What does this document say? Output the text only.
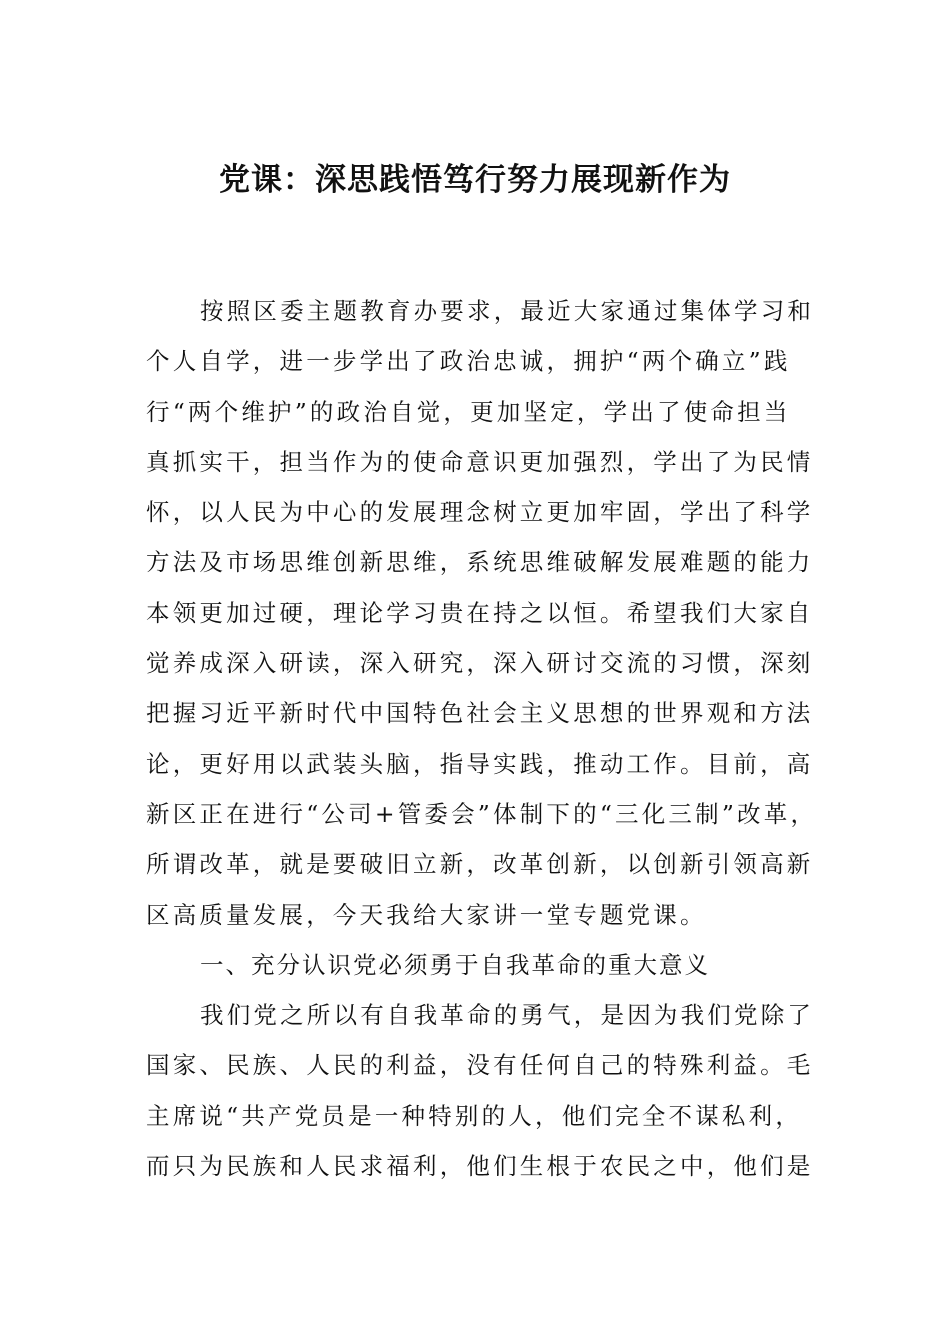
党课：深思践悟笃行努力展现新作为
按照区委主题教育办要求，最近大家通过集体学习和
个人自学，进一步学出了政治忠诚，拥护“两个确立”践
行“两个维护”的政治自觉，更加坚定，学出了使命担当
真抓实干，担当作为的使命意识更加强烈，学出了为民情
怀，以人民为中心的发展理念树立更加牢固，学出了科学
方法及市场思维创新思维，系统思维破解发展难题的能力
本领更加过硬，理论学习贵在持之以恒。希望我们大家自
觉养成深入研读，深入研究，深入研讨交流的习惯，深刻
把握习近平新时代中国特色社会主义思想的世界观和方法
论，更好用以武装头脑，指导实践，推动工作。目前，高
新区正在进行“公司+管委会”体制下的“三化三制”改革，
所谓改革，就是要破旧立新，改革创新，以创新引领高新
区高质量发展，今天我给大家讲一堂专题党课。
一、充分认识党必须勇于自我革命的重大意义
我们党之所以有自我革命的勇气，是因为我们党除了
国家、民族、人民的利益，没有任何自己的特殊利益。毛
主席说“共产党员是一种特别的人，他们完全不谋私利，
而只为民族和人民求福利，他们生根于农民之中，他们是
